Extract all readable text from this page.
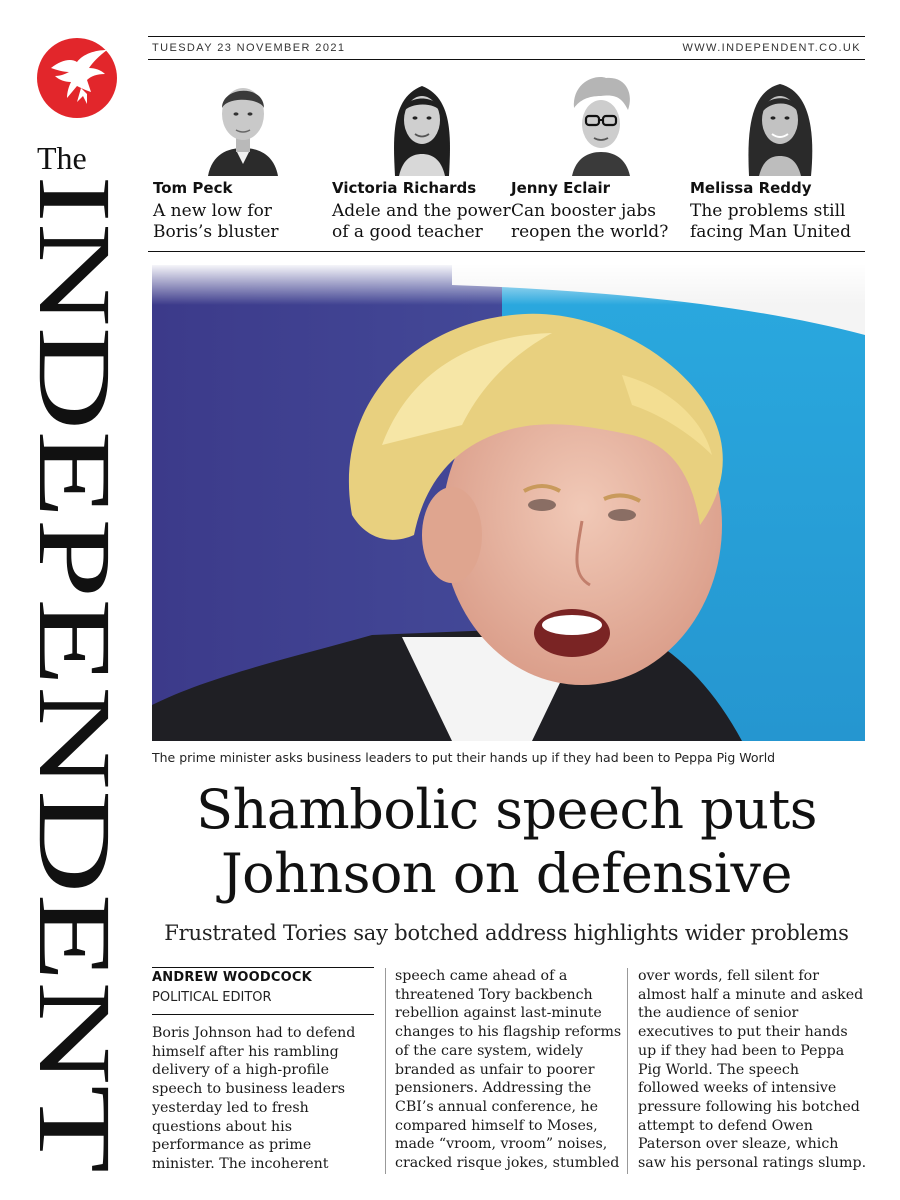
The
INDEPENDENT
TUESDAY 23 NOVEMBER 2021	WWW.INDEPENDENT.CO.UK
Tom Peck
A new low for
Boris’s bluster
Victoria Richards
Adele and the power
of a good teacher
Jenny Eclair
Can booster jabs
reopen the world?
Melissa Reddy
The problems still
facing Man United
The prime minister asks business leaders to put their hands up if they had been to Peppa Pig World
Shambolic speech puts
Johnson on defensive
Frustrated Tories say botched address highlights wider problems
ANDREW WOODCOCK
POLITICAL EDITOR
Boris Johnson had to defend
himself after his rambling
delivery of a high-profile
speech to business leaders
yesterday led to fresh
questions about his
performance as prime
minister. The incoherent
speech came ahead of a
threatened Tory backbench
rebellion against last-minute
changes to his flagship reforms
of the care system, widely
branded as unfair to poorer
pensioners. Addressing the
CBI’s annual conference, he
compared himself to Moses,
made “vroom, vroom” noises,
cracked risque jokes, stumbled
over words, fell silent for
almost half a minute and asked
the audience of senior
executives to put their hands
up if they had been to Peppa
Pig World. The speech
followed weeks of intensive
pressure following his botched
attempt to defend Owen
Paterson over sleaze, which
saw his personal ratings slump.
